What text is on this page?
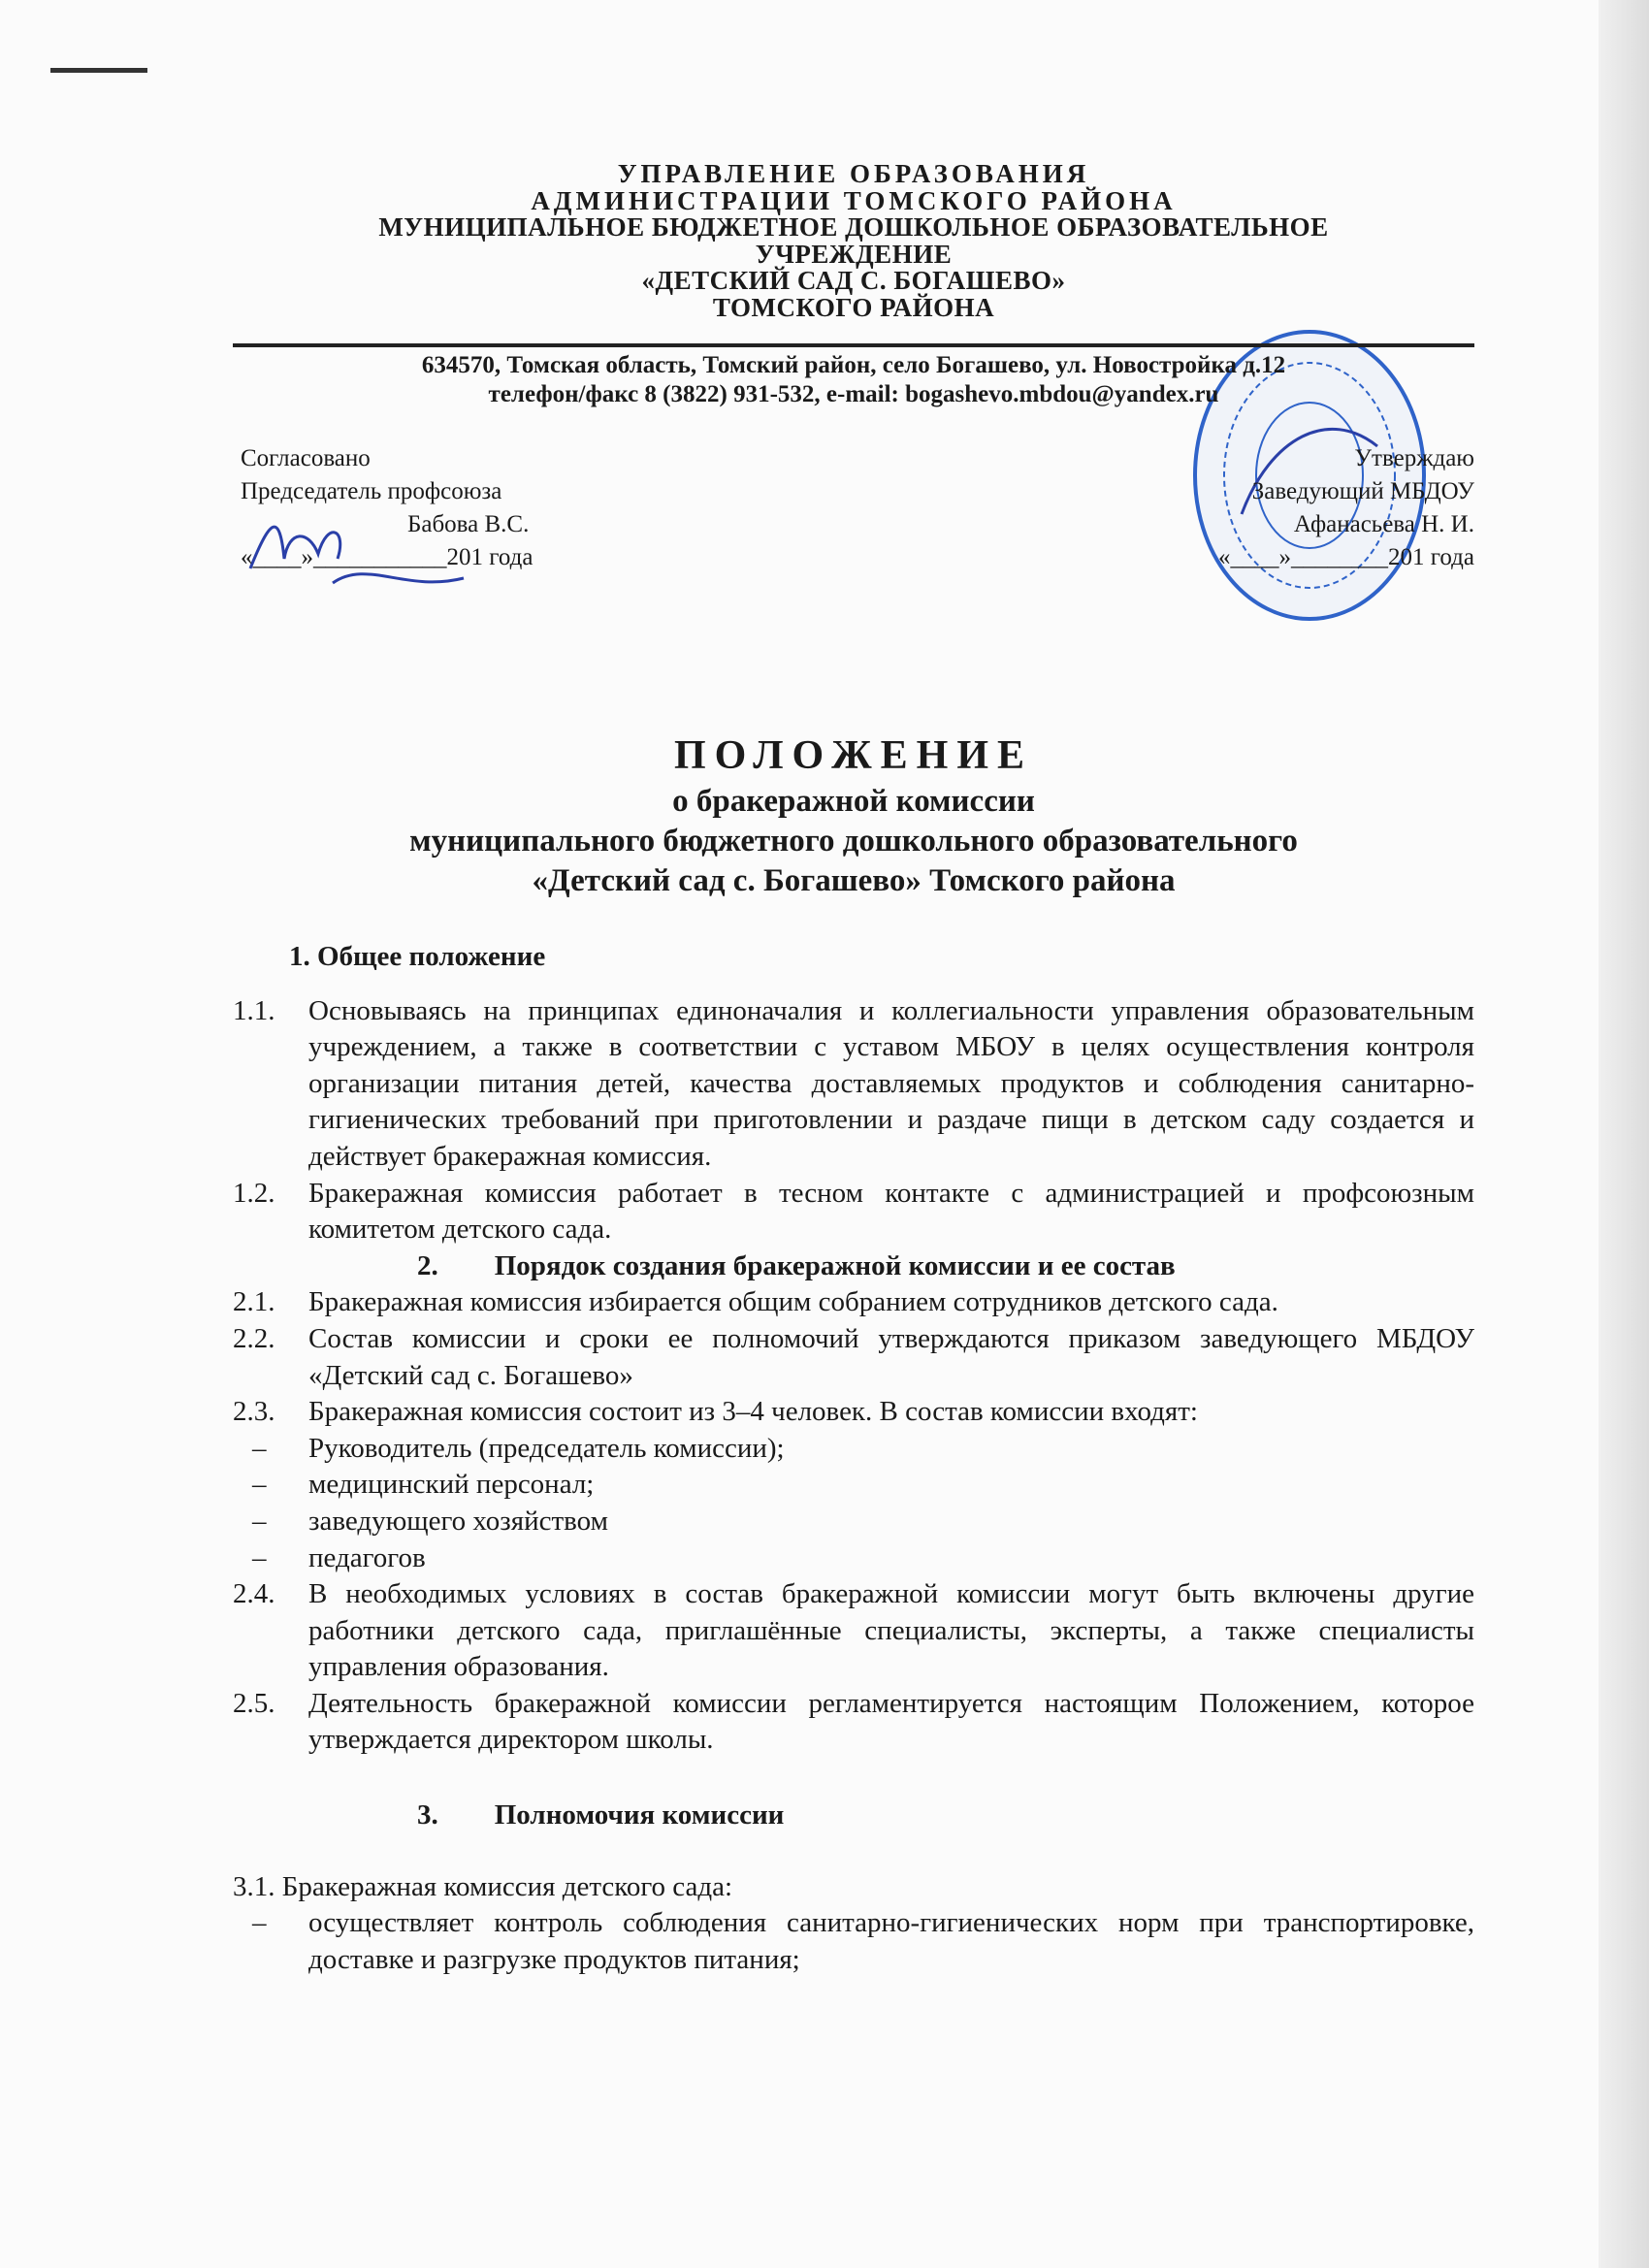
УПРАВЛЕНИЕ ОБРАЗОВАНИЯ
АДМИНИСТРАЦИИ ТОМСКОГО РАЙОНА
МУНИЦИПАЛЬНОЕ БЮДЖЕТНОЕ ДОШКОЛЬНОЕ ОБРАЗОВАТЕЛЬНОЕ
УЧРЕЖДЕНИЕ
«ДЕТСКИЙ САД С. БОГАШЕВО»
ТОМСКОГО РАЙОНА
634570, Томская область, Томский район, село Богашево, ул. Новостройка д.12
телефон/факс 8 (3822) 931-532, e-mail: bogashevo.mbdou@yandex.ru
Согласовано
Председатель профсоюза
Бабова В.С.
«____»___________201 года
Утверждаю
Заведующий МБДОУ
Афанасьева Н. И.
«____»________201 года
ПОЛОЖЕНИЕ
о бракеражной комиссии
муниципального бюджетного дошкольного образовательного
«Детский сад с. Богашево» Томского района
1. Общее положение
1.1.	Основываясь на принципах единоначалия и коллегиальности управления образовательным учреждением, а также в соответствии с уставом МБОУ в целях осуществления контроля организации питания детей, качества доставляемых продуктов и соблюдения санитарно-гигиенических требований при приготовлении и раздаче пищи в детском саду создается и действует бракеражная комиссия.
1.2.	Бракеражная комиссия работает в тесном контакте с администрацией и профсоюзным комитетом детского сада.
2.        Порядок создания бракеражной комиссии и ее состав
2.1.	Бракеражная комиссия избирается общим собранием сотрудников детского сада.
2.2.	Состав комиссии и сроки ее полномочий утверждаются приказом заведующего МБДОУ «Детский сад с. Богашево»
2.3.	Бракеражная комиссия состоит из 3–4 человек. В состав комиссии входят:
–	Руководитель (председатель комиссии);
–	медицинский персонал;
–	заведующего хозяйством
–	педагогов
2.4.	В необходимых условиях в состав бракеражной комиссии могут быть включены другие работники детского сада, приглашённые специалисты, эксперты, а также специалисты управления образования.
2.5.	Деятельность бракеражной комиссии регламентируется настоящим Положением, которое утверждается директором школы.
3.        Полномочия комиссии
3.1. Бракеражная комиссия детского сада:
–	осуществляет контроль соблюдения санитарно-гигиенических норм при транспортировке, доставке и разгрузке продуктов питания;
